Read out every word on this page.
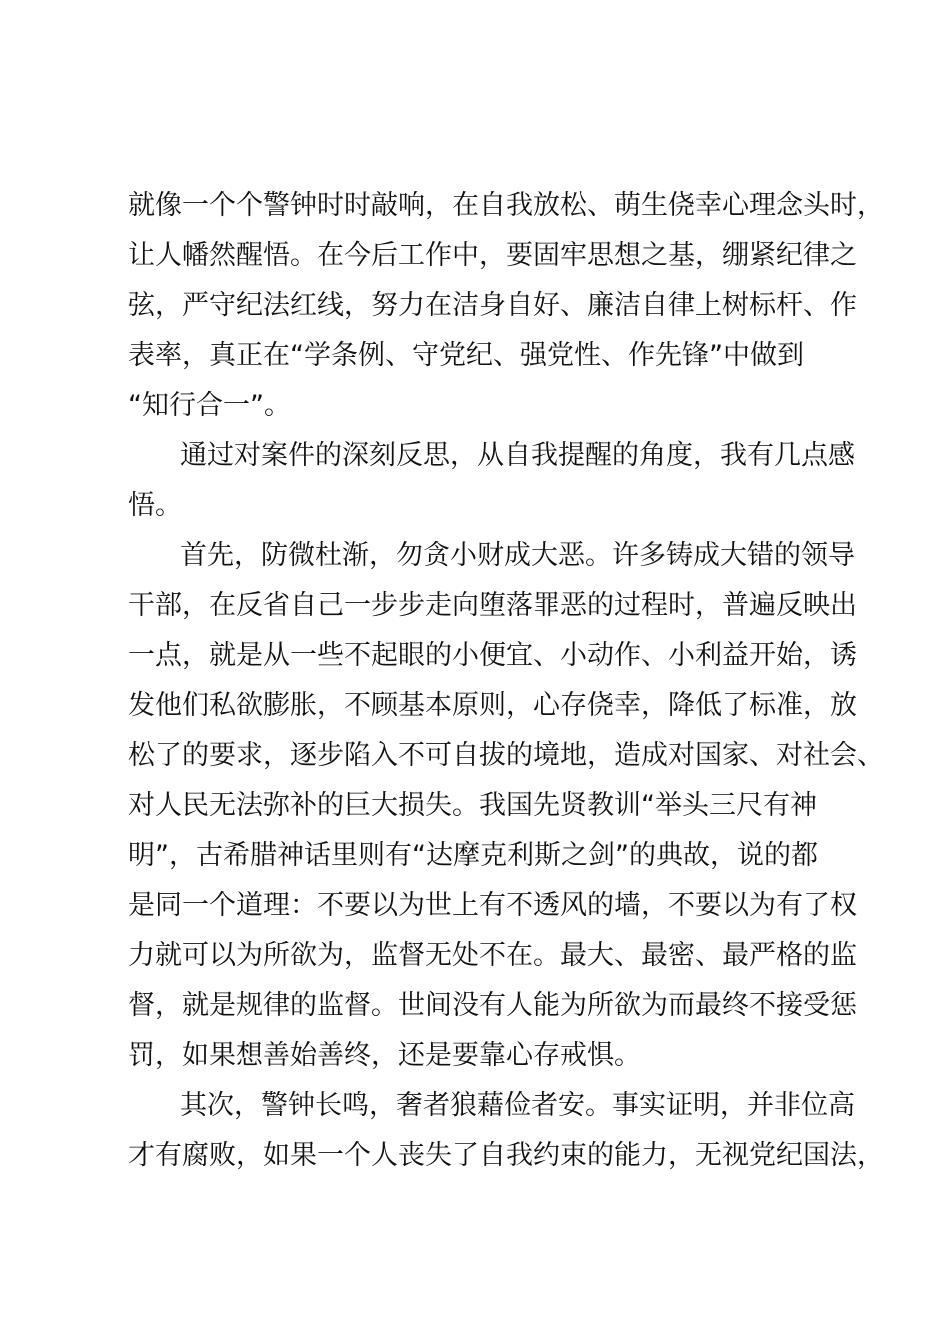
就像一个个警钟时时敲响，在自我放松、萌生侥幸心理念头时，
让人幡然醒悟。在今后工作中，要固牢思想之基，绷紧纪律之
弦，严守纪法红线，努力在洁身自好、廉洁自律上树标杆、作
表率，真正在“学条例、守党纪、强党性、作先锋”中做到
“知行合一”。
通过对案件的深刻反思，从自我提醒的角度，我有几点感
悟。
首先，防微杜渐，勿贪小财成大恶。许多铸成大错的领导
干部，在反省自己一步步走向堕落罪恶的过程时，普遍反映出
一点，就是从一些不起眼的小便宜、小动作、小利益开始，诱
发他们私欲膨胀，不顾基本原则，心存侥幸，降低了标准，放
松了的要求，逐步陷入不可自拔的境地，造成对国家、对社会、
对人民无法弥补的巨大损失。我国先贤教训“举头三尺有神
明”，古希腊神话里则有“达摩克利斯之剑”的典故，说的都
是同一个道理：不要以为世上有不透风的墙，不要以为有了权
力就可以为所欲为，监督无处不在。最大、最密、最严格的监
督，就是规律的监督。世间没有人能为所欲为而最终不接受惩
罚，如果想善始善终，还是要靠心存戒惧。
其次，警钟长鸣，奢者狼藉俭者安。事实证明，并非位高
才有腐败，如果一个人丧失了自我约束的能力，无视党纪国法，
